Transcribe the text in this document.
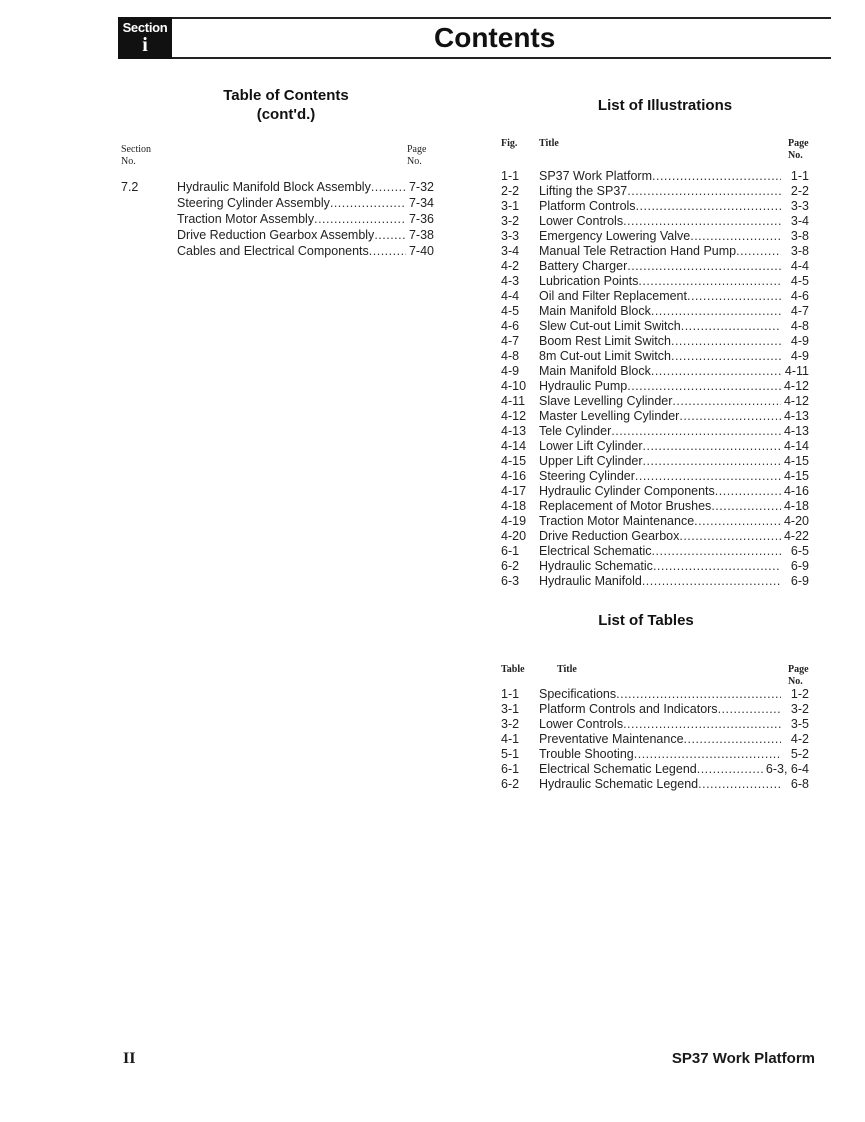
Section
i	Contents
Table of Contents
(cont'd.)
Section
No.
Page
No.
7.2	Hydraulic Manifold Block Assembly .....	7-32
Steering Cylinder Assembly .....	7-34
Traction Motor Assembly .....	7-36
Drive Reduction Gearbox Assembly .....	7-38
Cables and Electrical Components .....	7-40
List of Illustrations
Fig. Title	Page
No.
1-1	SP37 Work Platform .....	1-1
2-2	Lifting the SP37 .....	2-2
3-1	Platform Controls .....	3-3
3-2	Lower Controls .....	3-4
3-3	Emergency Lowering Valve .....	3-8
3-4	Manual Tele Retraction Hand Pump .....	3-8
4-2	Battery Charger .....	4-4
4-3	Lubrication Points .....	4-5
4-4	Oil and Filter Replacement .....	4-6
4-5	Main Manifold Block .....	4-7
4-6	Slew Cut-out Limit Switch .....	4-8
4-7	Boom Rest Limit Switch .....	4-9
4-8	8m Cut-out Limit Switch .....	4-9
4-9	Main Manifold Block .....	4-11
4-10	Hydraulic Pump .....	4-12
4-11	Slave Levelling Cylinder .....	4-12
4-12	Master Levelling Cylinder .....	4-13
4-13	Tele Cylinder .....	4-13
4-14	Lower Lift Cylinder .....	4-14
4-15	Upper Lift Cylinder .....	4-15
4-16	Steering Cylinder .....	4-15
4-17	Hydraulic Cylinder Components .....	4-16
4-18	Replacement of Motor Brushes .....	4-18
4-19	Traction Motor Maintenance .....	4-20
4-20	Drive Reduction Gearbox .....	4-22
6-1	Electrical Schematic .....	6-5
6-2	Hydraulic Schematic .....	6-9
6-3	Hydraulic Manifold .....	6-9
List of Tables
Table	Title	Page
No.
1-1	Specifications .....	1-2
3-1	Platform Controls and Indicators .....	3-2
3-2	Lower Controls .....	3-5
4-1	Preventative Maintenance .....	4-2
5-1	Trouble Shooting .....	5-2
6-1	Electrical Schematic Legend .....	6-3, 6-4
6-2	Hydraulic Schematic Legend .....	6-8
II	SP37 Work Platform
